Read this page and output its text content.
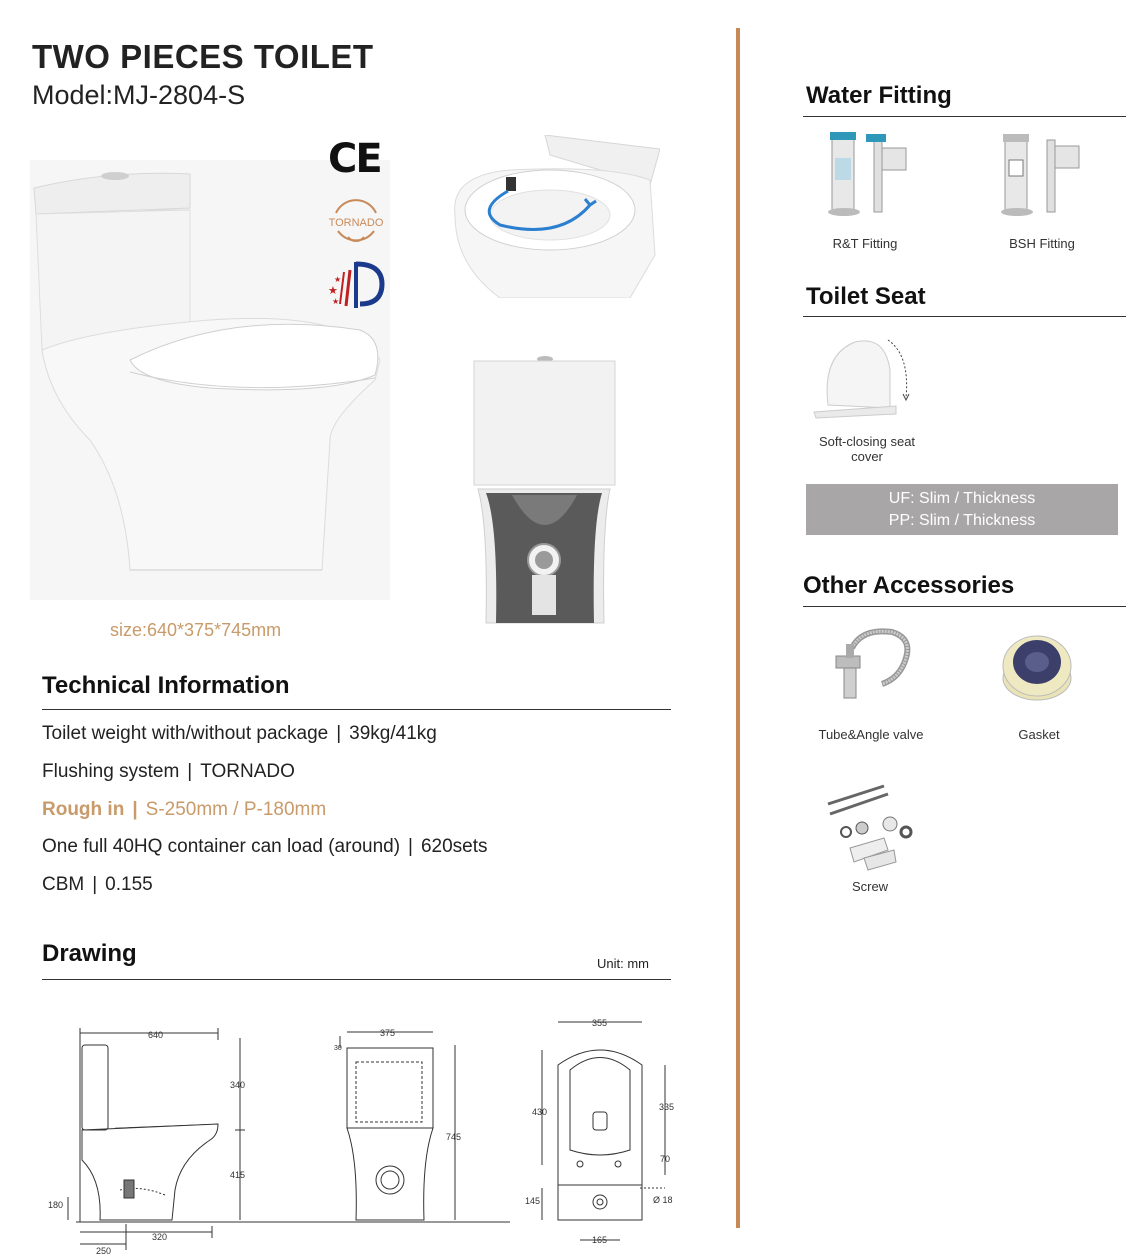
TWO PIECES TOILET
Model:MJ-2804-S
CE
TORNADO
★
★
★
size:640*375*745mm
Technical Information
Toilet weight with/without package | 39kg/41kg
Flushing system | TORNADO
Rough in | S-250mm / P-180mm
One full 40HQ container can load (around) | 620sets
CBM | 0.155
Drawing	Unit: mm
640
340
415
180
320
250
375
30
745
355
430	335
70
Ø 18
145
165
Water Fitting
R&T Fitting	BSH Fitting
Toilet Seat
Soft-closing seat cover
UF: Slim / Thickness
PP: Slim / Thickness
Other Accessories
Tube&Angle valve	Gasket
Screw
